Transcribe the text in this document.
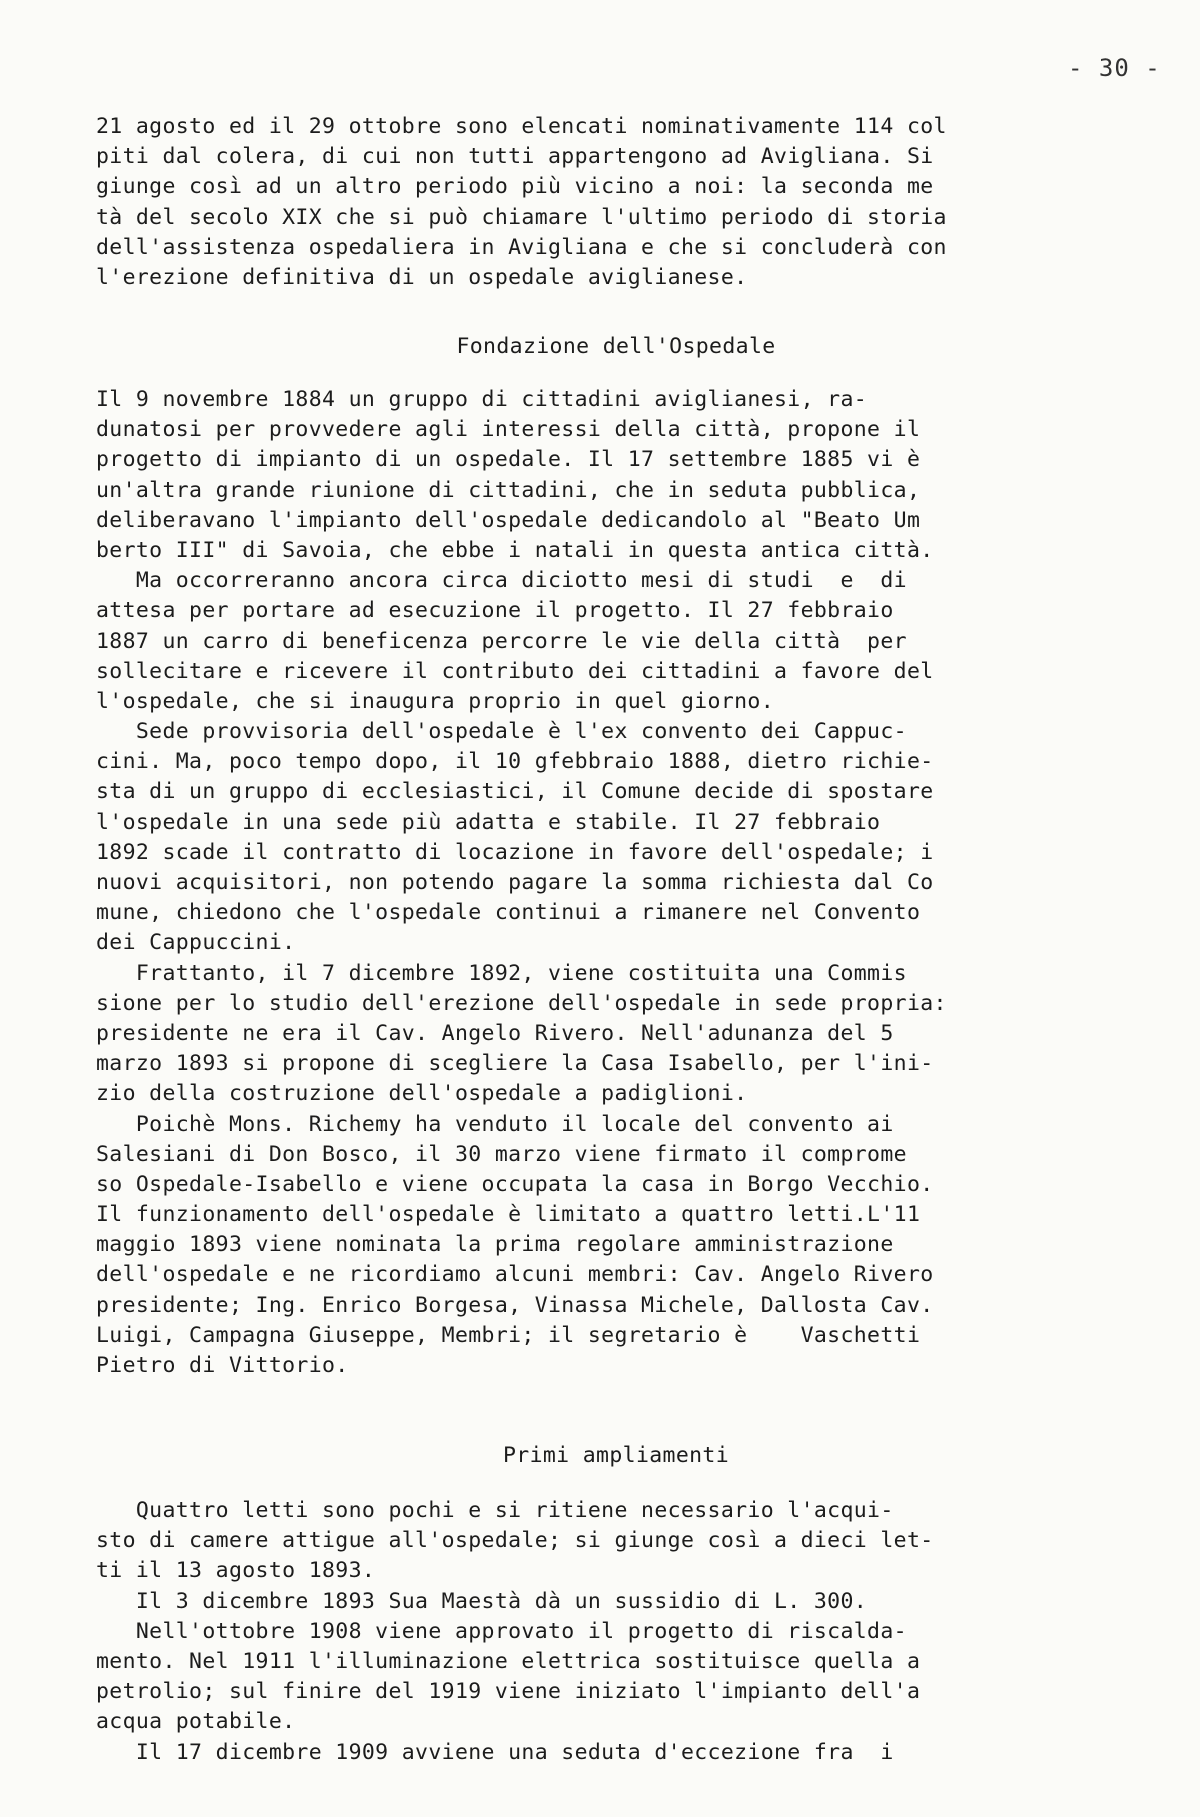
- 30 -
21 agosto ed il 29 ottobre sono elencati nominativamente 114 col
piti dal colera, di cui non tutti appartengono ad Avigliana. Si
giunge così ad un altro periodo più vicino a noi: la seconda me
tà del secolo XIX che si può chiamare l'ultimo periodo di storia
dell'assistenza ospedaliera in Avigliana e che si concluderà con
l'erezione definitiva di un ospedale aviglianese.
Fondazione dell'Ospedale
Il 9 novembre 1884 un gruppo di cittadini aviglianesi, ra-
dunatosi per provvedere agli interessi della città, propone il
progetto di impianto di un ospedale. Il 17 settembre 1885 vi è
un'altra grande riunione di cittadini, che in seduta pubblica,
deliberavano l'impianto dell'ospedale dedicandolo al "Beato Um
berto III" di Savoia, che ebbe i natali in questa antica città.
Ma occorreranno ancora circa diciotto mesi di studi  e  di
attesa per portare ad esecuzione il progetto. Il 27 febbraio
1887 un carro di beneficenza percorre le vie della città  per
sollecitare e ricevere il contributo dei cittadini a favore del
l'ospedale, che si inaugura proprio in quel giorno.
Sede provvisoria dell'ospedale è l'ex convento dei Cappuc-
cini. Ma, poco tempo dopo, il 10 gfebbraio 1888, dietro richie-
sta di un gruppo di ecclesiastici, il Comune decide di spostare
l'ospedale in una sede più adatta e stabile. Il 27 febbraio
1892 scade il contratto di locazione in favore dell'ospedale; i
nuovi acquisitori, non potendo pagare la somma richiesta dal Co
mune, chiedono che l'ospedale continui a rimanere nel Convento
dei Cappuccini.
Frattanto, il 7 dicembre 1892, viene costituita una Commis
sione per lo studio dell'erezione dell'ospedale in sede propria:
presidente ne era il Cav. Angelo Rivero. Nell'adunanza del 5
marzo 1893 si propone di scegliere la Casa Isabello, per l'ini-
zio della costruzione dell'ospedale a padiglioni.
Poichè Mons. Richemy ha venduto il locale del convento ai
Salesiani di Don Bosco, il 30 marzo viene firmato il comprome
so Ospedale-Isabello e viene occupata la casa in Borgo Vecchio.
Il funzionamento dell'ospedale è limitato a quattro letti.L'11
maggio 1893 viene nominata la prima regolare amministrazione
dell'ospedale e ne ricordiamo alcuni membri: Cav. Angelo Rivero
presidente; Ing. Enrico Borgesa, Vinassa Michele, Dallosta Cav.
Luigi, Campagna Giuseppe, Membri; il segretario è    Vaschetti
Pietro di Vittorio.
Primi ampliamenti
Quattro letti sono pochi e si ritiene necessario l'acqui-
sto di camere attigue all'ospedale; si giunge così a dieci let-
ti il 13 agosto 1893.
Il 3 dicembre 1893 Sua Maestà dà un sussidio di L. 300.
Nell'ottobre 1908 viene approvato il progetto di riscalda-
mento. Nel 1911 l'illuminazione elettrica sostituisce quella a
petrolio; sul finire del 1919 viene iniziato l'impianto dell'a
acqua potabile.
Il 17 dicembre 1909 avviene una seduta d'eccezione fra  i
